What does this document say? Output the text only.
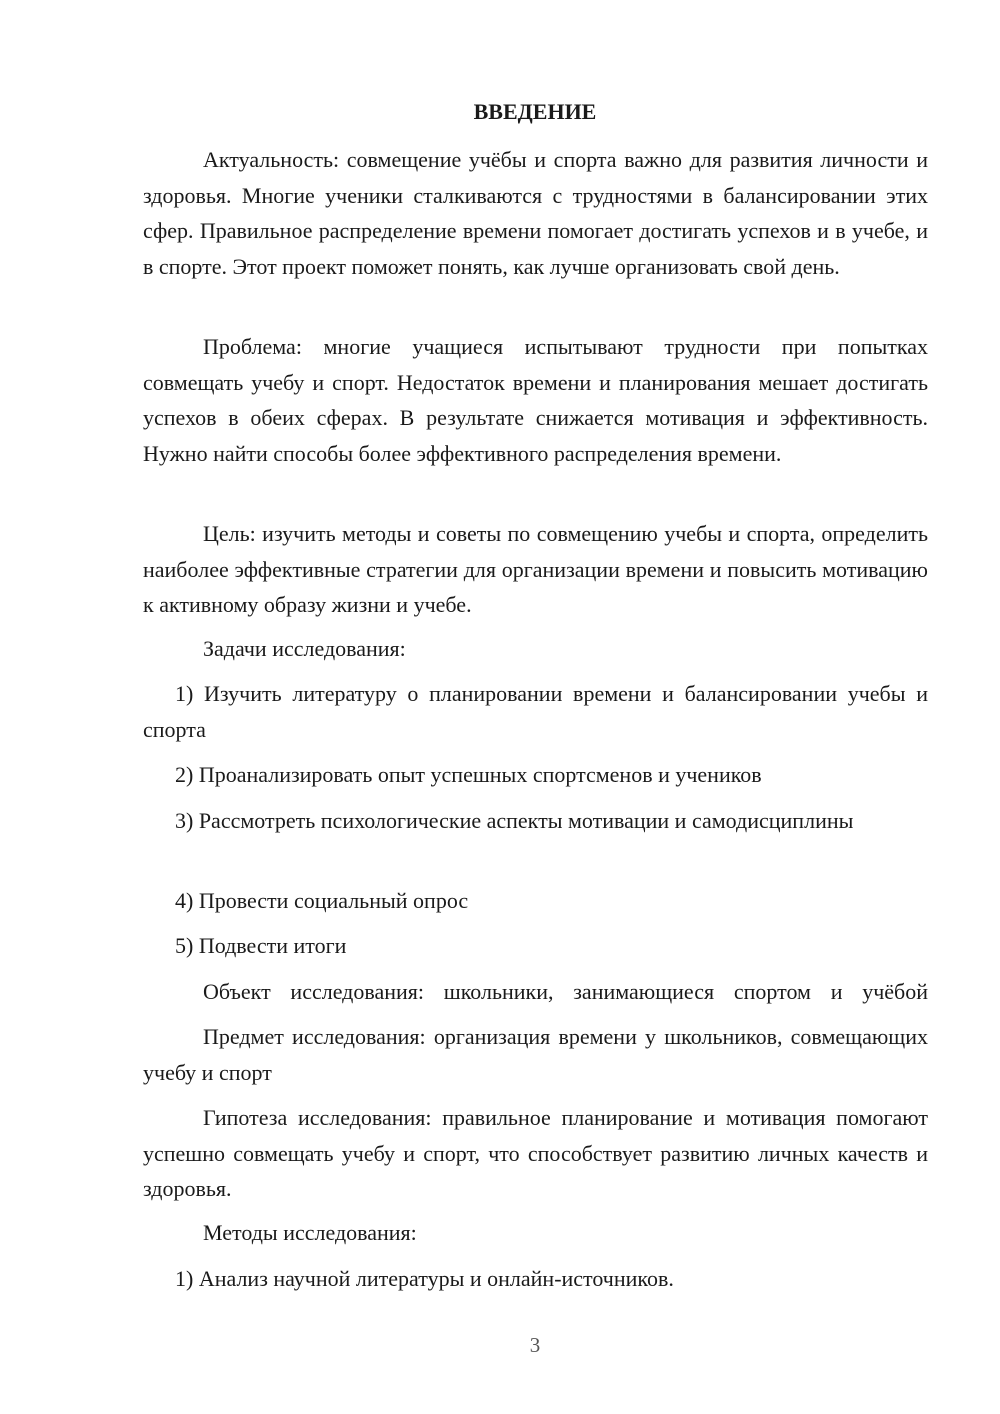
ВВЕДЕНИЕ

Актуальность: совмещение учёбы и спорта важно для развития личности и здоровья. Многие ученики сталкиваются с трудностями в балансировании этих сфер. Правильное распределение времени помогает достигать успехов и в учебе, и в спорте. Этот проект поможет понять, как лучше организовать свой день.

Проблема: многие учащиеся испытывают трудности при попытках совмещать учебу и спорт. Недостаток времени и планирования мешает достигать успехов в обеих сферах. В результате снижается мотивация и эффективность. Нужно найти способы более эффективного распределения времени.

Цель: изучить методы и советы по совмещению учебы и спорта, определить наиболее эффективные стратегии для организации времени и повысить мотивацию к активному образу жизни и учебе.

Задачи исследования:

1) Изучить литературу о планировании времени и балансировании учебы и спорта

2) Проанализировать опыт успешных спортсменов и учеников

3) Рассмотреть психологические аспекты мотивации и самодисциплины

4) Провести социальный опрос

5) Подвести итоги

Объект исследования: школьники, занимающиеся спортом и учёбой

Предмет исследования: организация времени у школьников, совмещающих учебу и спорт

Гипотеза исследования: правильное планирование и мотивация помогают успешно совмещать учебу и спорт, что способствует развитию личных качеств и здоровья.

Методы исследования:

1) Анализ научной литературы и онлайн-источников.

3
